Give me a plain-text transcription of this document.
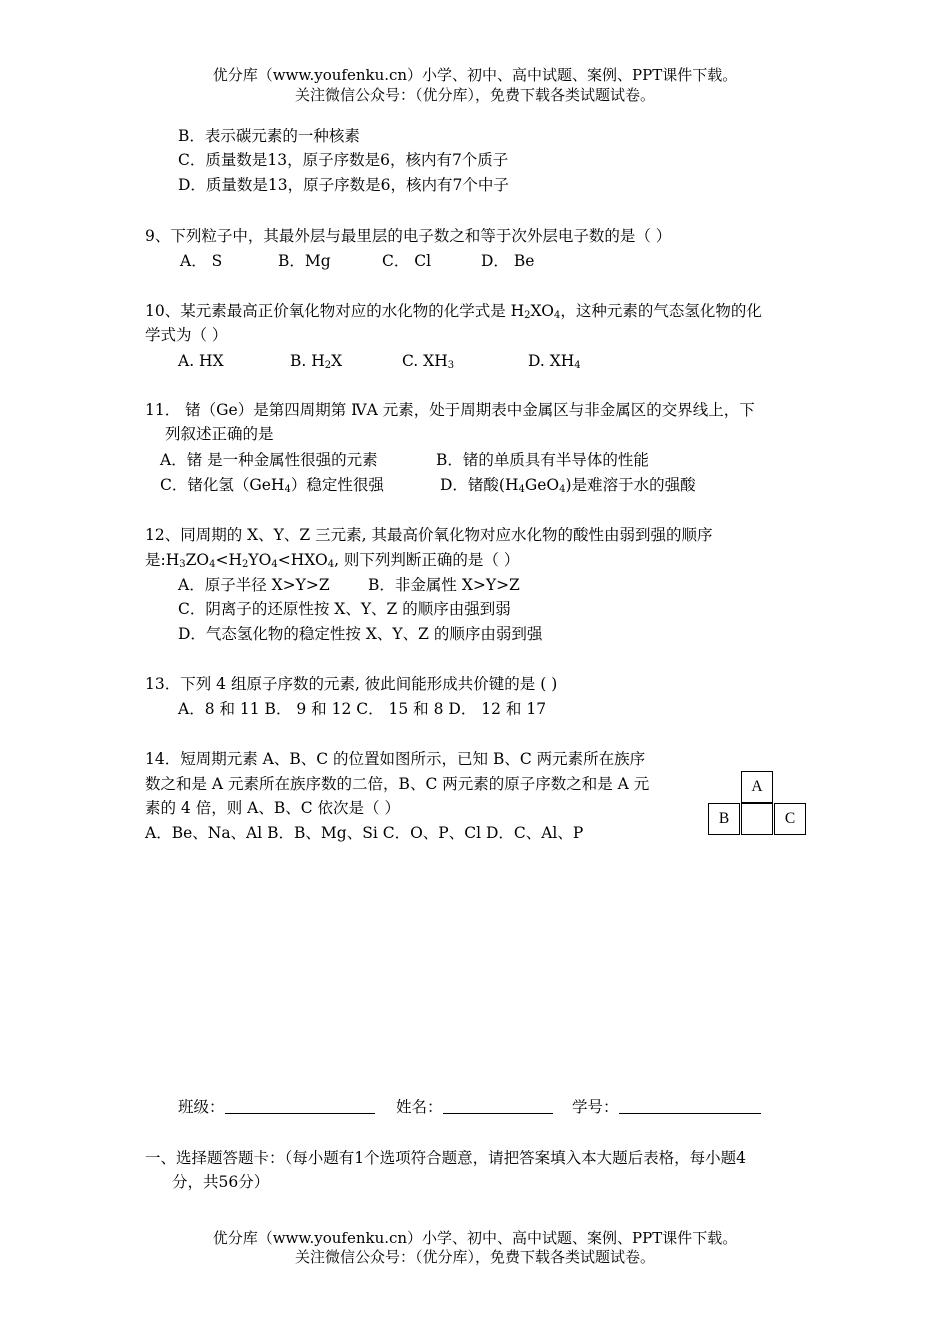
优分库（www.youfenku.cn）小学、初中、高中试题、案例、PPT课件下载。
关注微信公众号：（优分库），免费下载各类试题试卷。
B．表示碳元素的一种核素
C．质量数是13，原子序数是6，核内有7个质子
D．质量数是13，原子序数是6，核内有7个中子
9、下列粒子中，其最外层与最里层的电子数之和等于次外层电子数的是（ ）
A． S	B．Mg	C． Cl	D． Be
10、某元素最高正价氧化物对应的水化物的化学式是 $H_2XO_4$，这种元素的气态氢化物的化
学式为（ ）
A. HX	B. $H_2X$	C. $XH_3$	D. $XH_4$
11． 锗（Ge）是第四周期第 ⅣA 元素，处于周期表中金属区与非金属区的交界线上，下
列叙述正确的是
A．锗 是一种金属性很强的元素	B．锗的单质具有半导体的性能
C．锗化氢（GeH$_4$）稳定性很强	D．锗酸$(H_4GeO_4)$是难溶于水的强酸
12、同周期的 X、Y、Z 三元素, 其最高价氧化物对应水化物的酸性由弱到强的顺序
是$:H_3ZO_4<H_2YO_4<HXO_4$, 则下列判断正确的是（ ）
A．原子半径 X>Y>Z B．非金属性 X>Y>Z
C．阴离子的还原性按 X、Y、Z 的顺序由强到弱
D．气态氢化物的稳定性按 X、Y、Z 的顺序由弱到强
13．下列 4 组原子序数的元素, 彼此间能形成共价键的是 ( )
A．8 和 11 B． 9 和 12 C． 15 和 8 D． 12 和 17
14．短周期元素 A、B、C 的位置如图所示，已知 B、C 两元素所在族序
数之和是 A 元素所在族序数的二倍，B、C 两元素的原子序数之和是 A 元
素的 4 倍，则 A、B、C 依次是（ ）
A．Be、Na、Al B．B、Mg、Si C．O、P、Cl D．C、Al、P
A
B	C
班级：	姓名：	学号：
一、选择题答题卡：（每小题有1个选项符合题意，请把答案填入本大题后表格，每小题4
分，共56分）
优分库（www.youfenku.cn）小学、初中、高中试题、案例、PPT课件下载。
关注微信公众号：（优分库），免费下载各类试题试卷。
